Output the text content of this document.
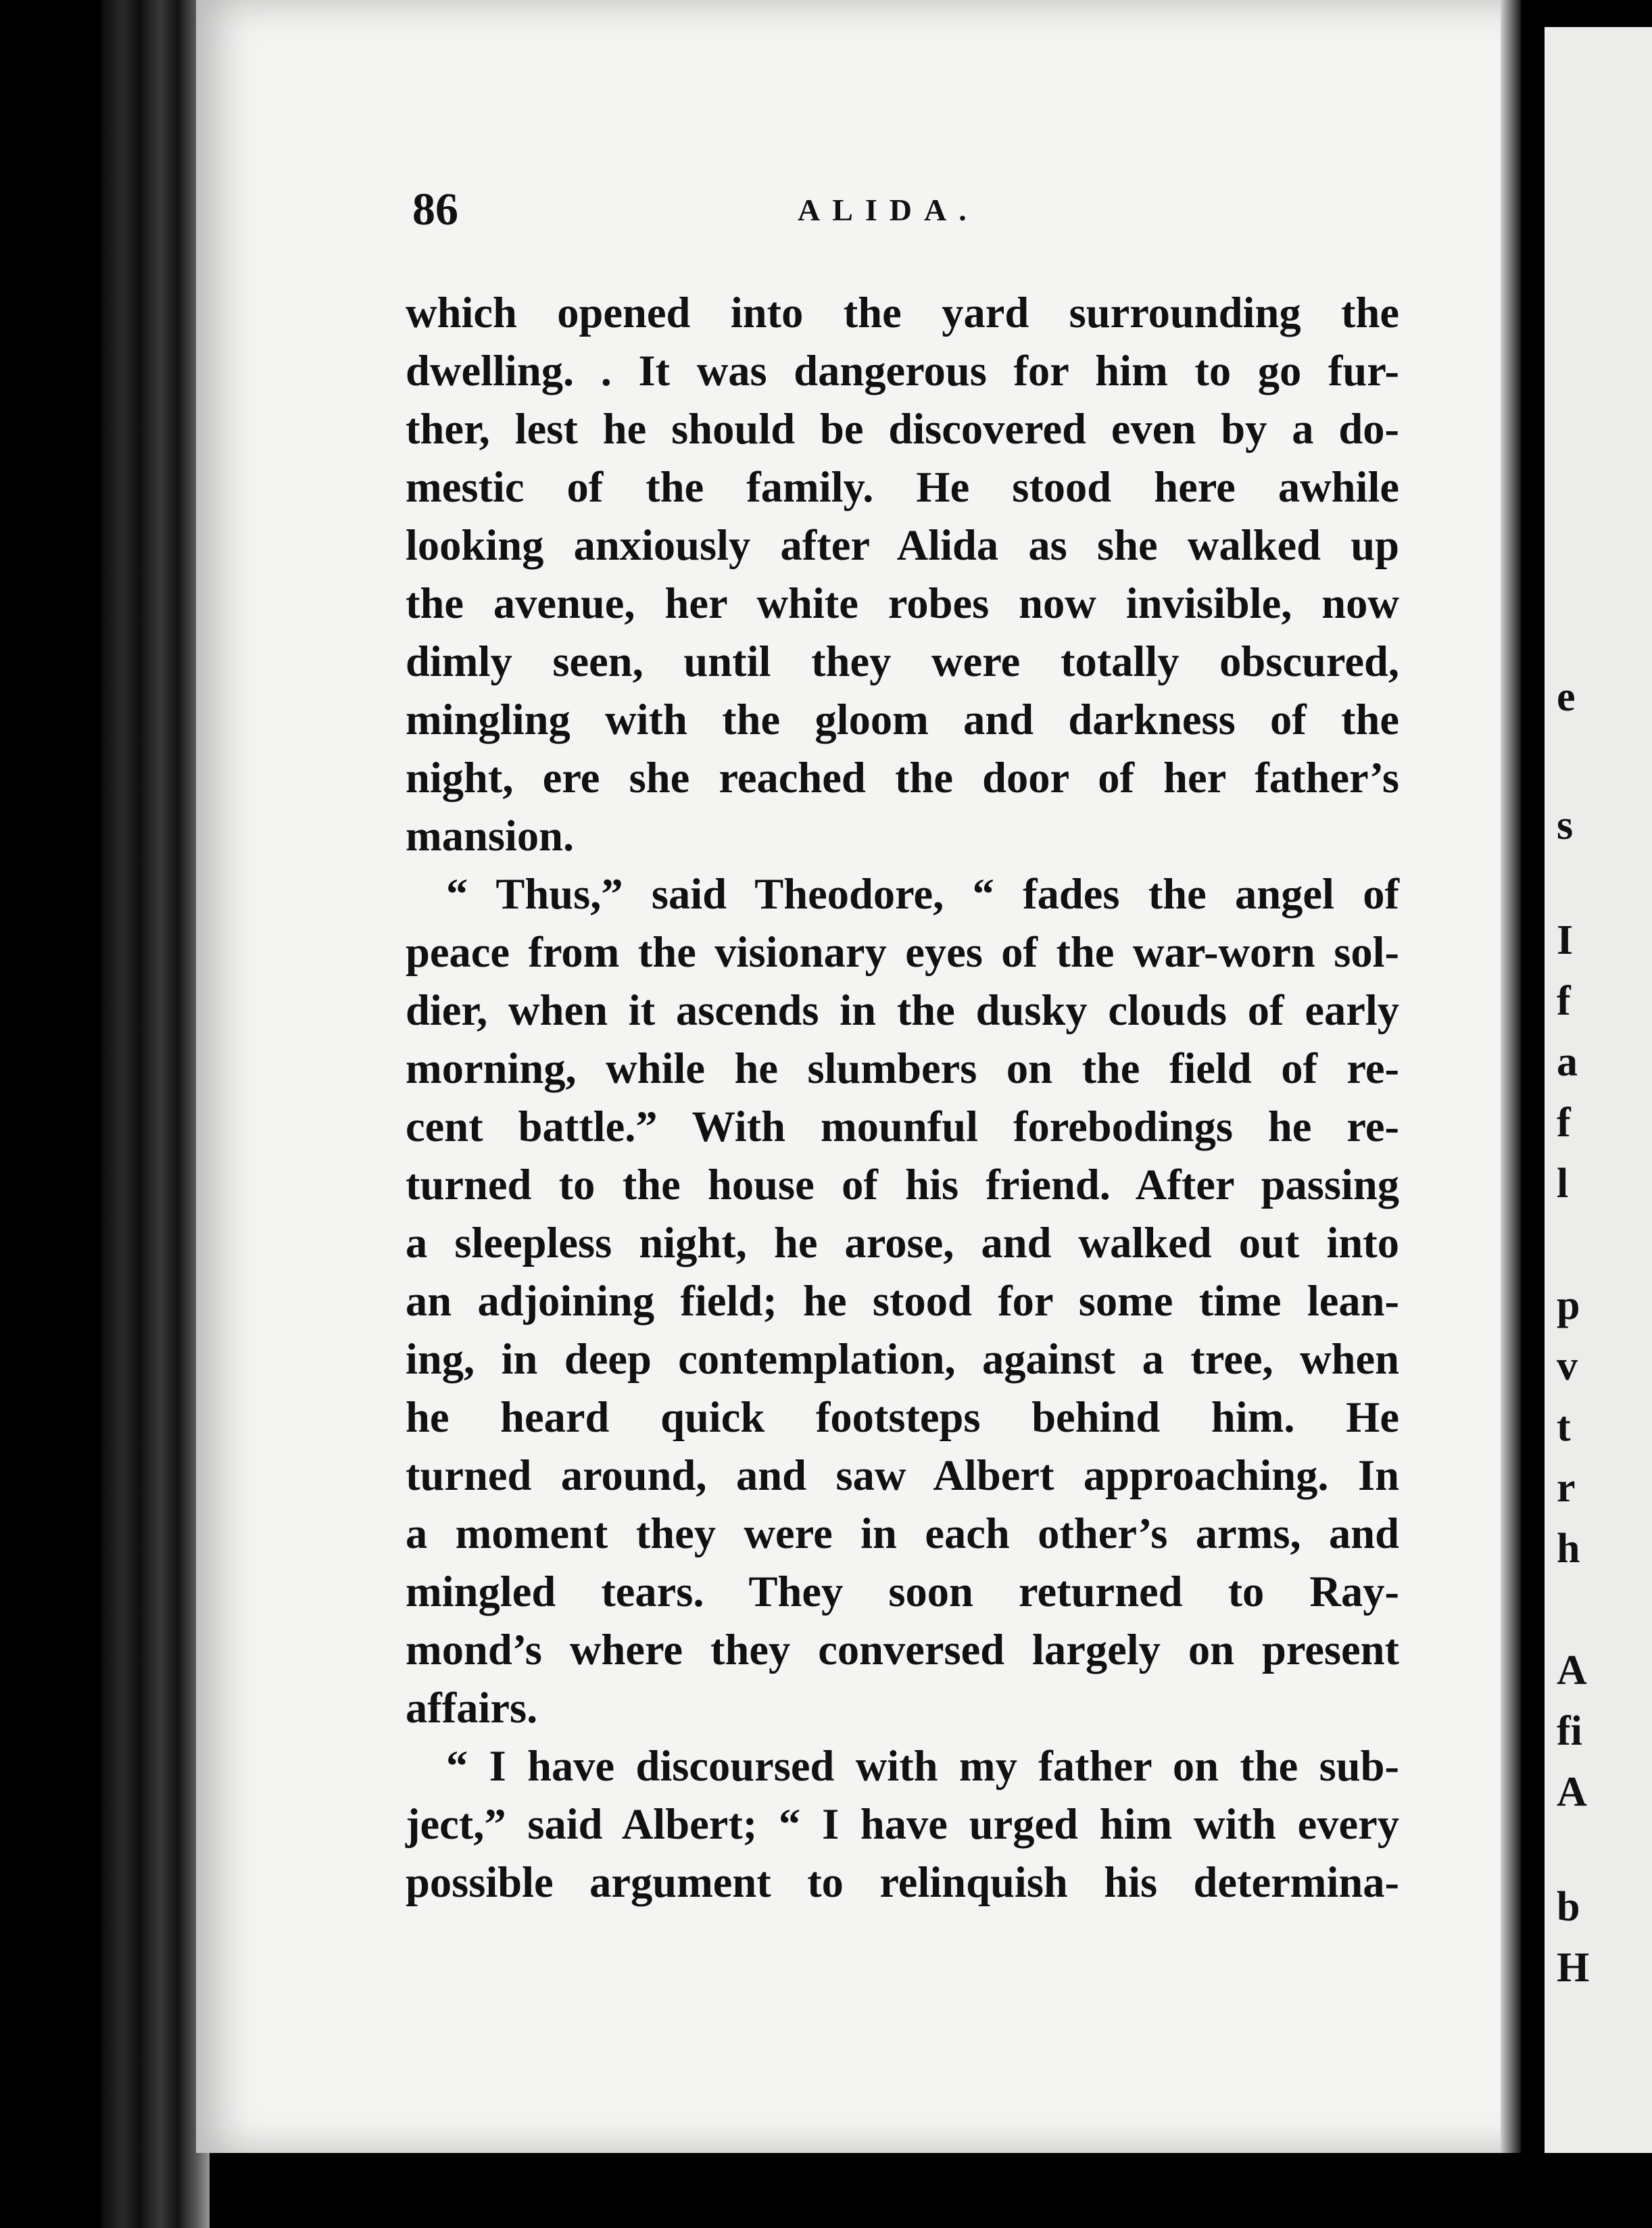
e
s
I
f
a
f
l
p
v
t
r
h
A
fi
A
b
H
86	ALIDA.
which opened into the yard surrounding the
dwelling. . It was dangerous for him to go fur-
ther, lest he should be discovered even by a do-
mestic of the family. He stood here awhile
looking anxiously after Alida as she walked up
the avenue, her white robes now invisible, now
dimly seen, until they were totally obscured,
mingling with the gloom and darkness of the
night, ere she reached the door of her father’s
mansion.
“ Thus,” said Theodore, “ fades the angel of
peace from the visionary eyes of the war-worn sol-
dier, when it ascends in the dusky clouds of early
morning, while he slumbers on the field of re-
cent battle.” With mounful forebodings he re-
turned to the house of his friend. After passing
a sleepless night, he arose, and walked out into
an adjoining field; he stood for some time lean-
ing, in deep contemplation, against a tree, when
he heard quick footsteps behind him. He
turned around, and saw Albert approaching. In
a moment they were in each other’s arms, and
mingled tears. They soon returned to Ray-
mond’s where they conversed largely on present
affairs.
“ I have discoursed with my father on the sub-
ject,” said Albert; “ I have urged him with every
possible argument to relinquish his determina-
